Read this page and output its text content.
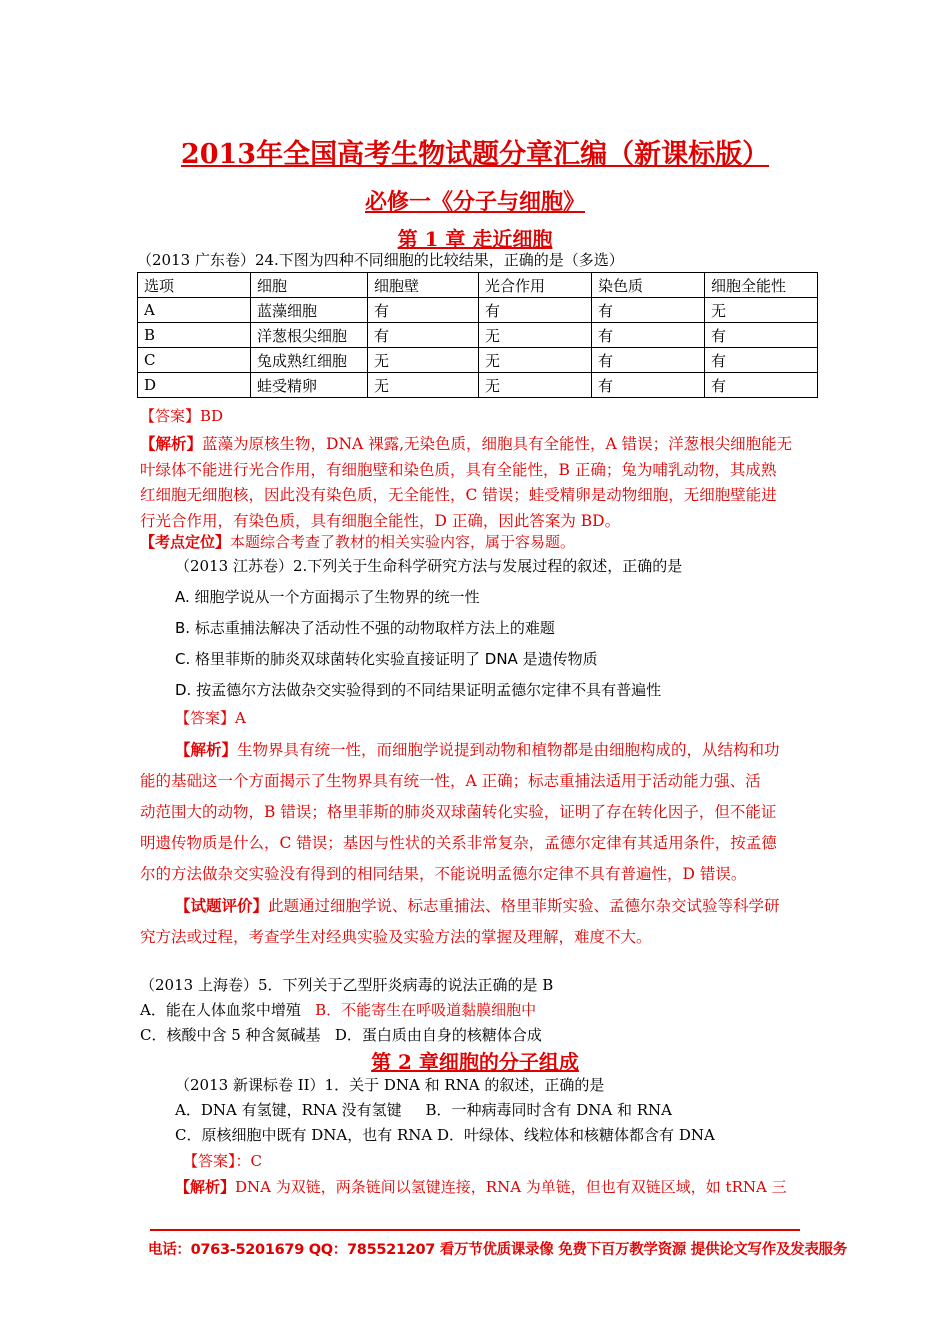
2013年全国高考生物试题分章汇编（新课标版）
必修一《分子与细胞》
第 1 章 走近细胞
（2013 广东卷）24.下图为四种不同细胞的比较结果，正确的是（多选）
选项	细胞	细胞壁	光合作用	染色质	细胞全能性
A	蓝藻细胞	有	有	有	无
B	洋葱根尖细胞	有	无	有	有
C	兔成熟红细胞	无	无	有	有
D	蛙受精卵	无	无	有	有
【答案】BD
【解析】蓝藻为原核生物，DNA 裸露,无染色质，细胞具有全能性，A 错误；洋葱根尖细胞能无
叶绿体不能进行光合作用，有细胞壁和染色质，具有全能性，B 正确；兔为哺乳动物，其成熟
红细胞无细胞核，因此没有染色质，无全能性，C 错误；蛙受精卵是动物细胞，无细胞壁能进
行光合作用，有染色质，具有细胞全能性，D 正确，因此答案为 BD。
【考点定位】本题综合考查了教材的相关实验内容，属于容易题。
（2013 江苏卷）2.下列关于生命科学研究方法与发展过程的叙述，正确的是
A. 细胞学说从一个方面揭示了生物界的统一性
B. 标志重捕法解决了活动性不强的动物取样方法上的难题
C. 格里菲斯的肺炎双球菌转化实验直接证明了 DNA 是遗传物质
D. 按孟德尔方法做杂交实验得到的不同结果证明孟德尔定律不具有普遍性
【答案】A
【解析】生物界具有统一性，而细胞学说提到动物和植物都是由细胞构成的，从结构和功
能的基础这一个方面揭示了生物界具有统一性，A 正确；标志重捕法适用于活动能力强、活
动范围大的动物，B 错误；格里菲斯的肺炎双球菌转化实验，证明了存在转化因子，但不能证
明遗传物质是什么，C 错误；基因与性状的关系非常复杂，孟德尔定律有其适用条件，按孟德
尔的方法做杂交实验没有得到的相同结果，不能说明孟德尔定律不具有普遍性，D 错误。
【试题评价】此题通过细胞学说、标志重捕法、格里菲斯实验、孟德尔杂交试验等科学研
究方法或过程，考查学生对经典实验及实验方法的掌握及理解，难度不大。
（2013 上海卷）5．下列关于乙型肝炎病毒的说法正确的是 B
A．能在人体血浆中增殖 B．不能寄生在呼吸道黏膜细胞中
C．核酸中含 5 种含氮碱基 D．蛋白质由自身的核糖体合成
第 2 章细胞的分子组成
（2013 新课标卷 II）1．关于 DNA 和 RNA 的叙述，正确的是
A．DNA 有氢键，RNA 没有氢键 B．一种病毒同时含有 DNA 和 RNA
C．原核细胞中既有 DNA，也有 RNA D．叶绿体、线粒体和核糖体都含有 DNA
【答案】：C
【解析】DNA 为双链，两条链间以氢键连接，RNA 为单链，但也有双链区域，如 tRNA 三
电话：0763-5201679 QQ：785521207 看万节优质课录像 免费下百万教学资源 提供论文写作及发表服务
